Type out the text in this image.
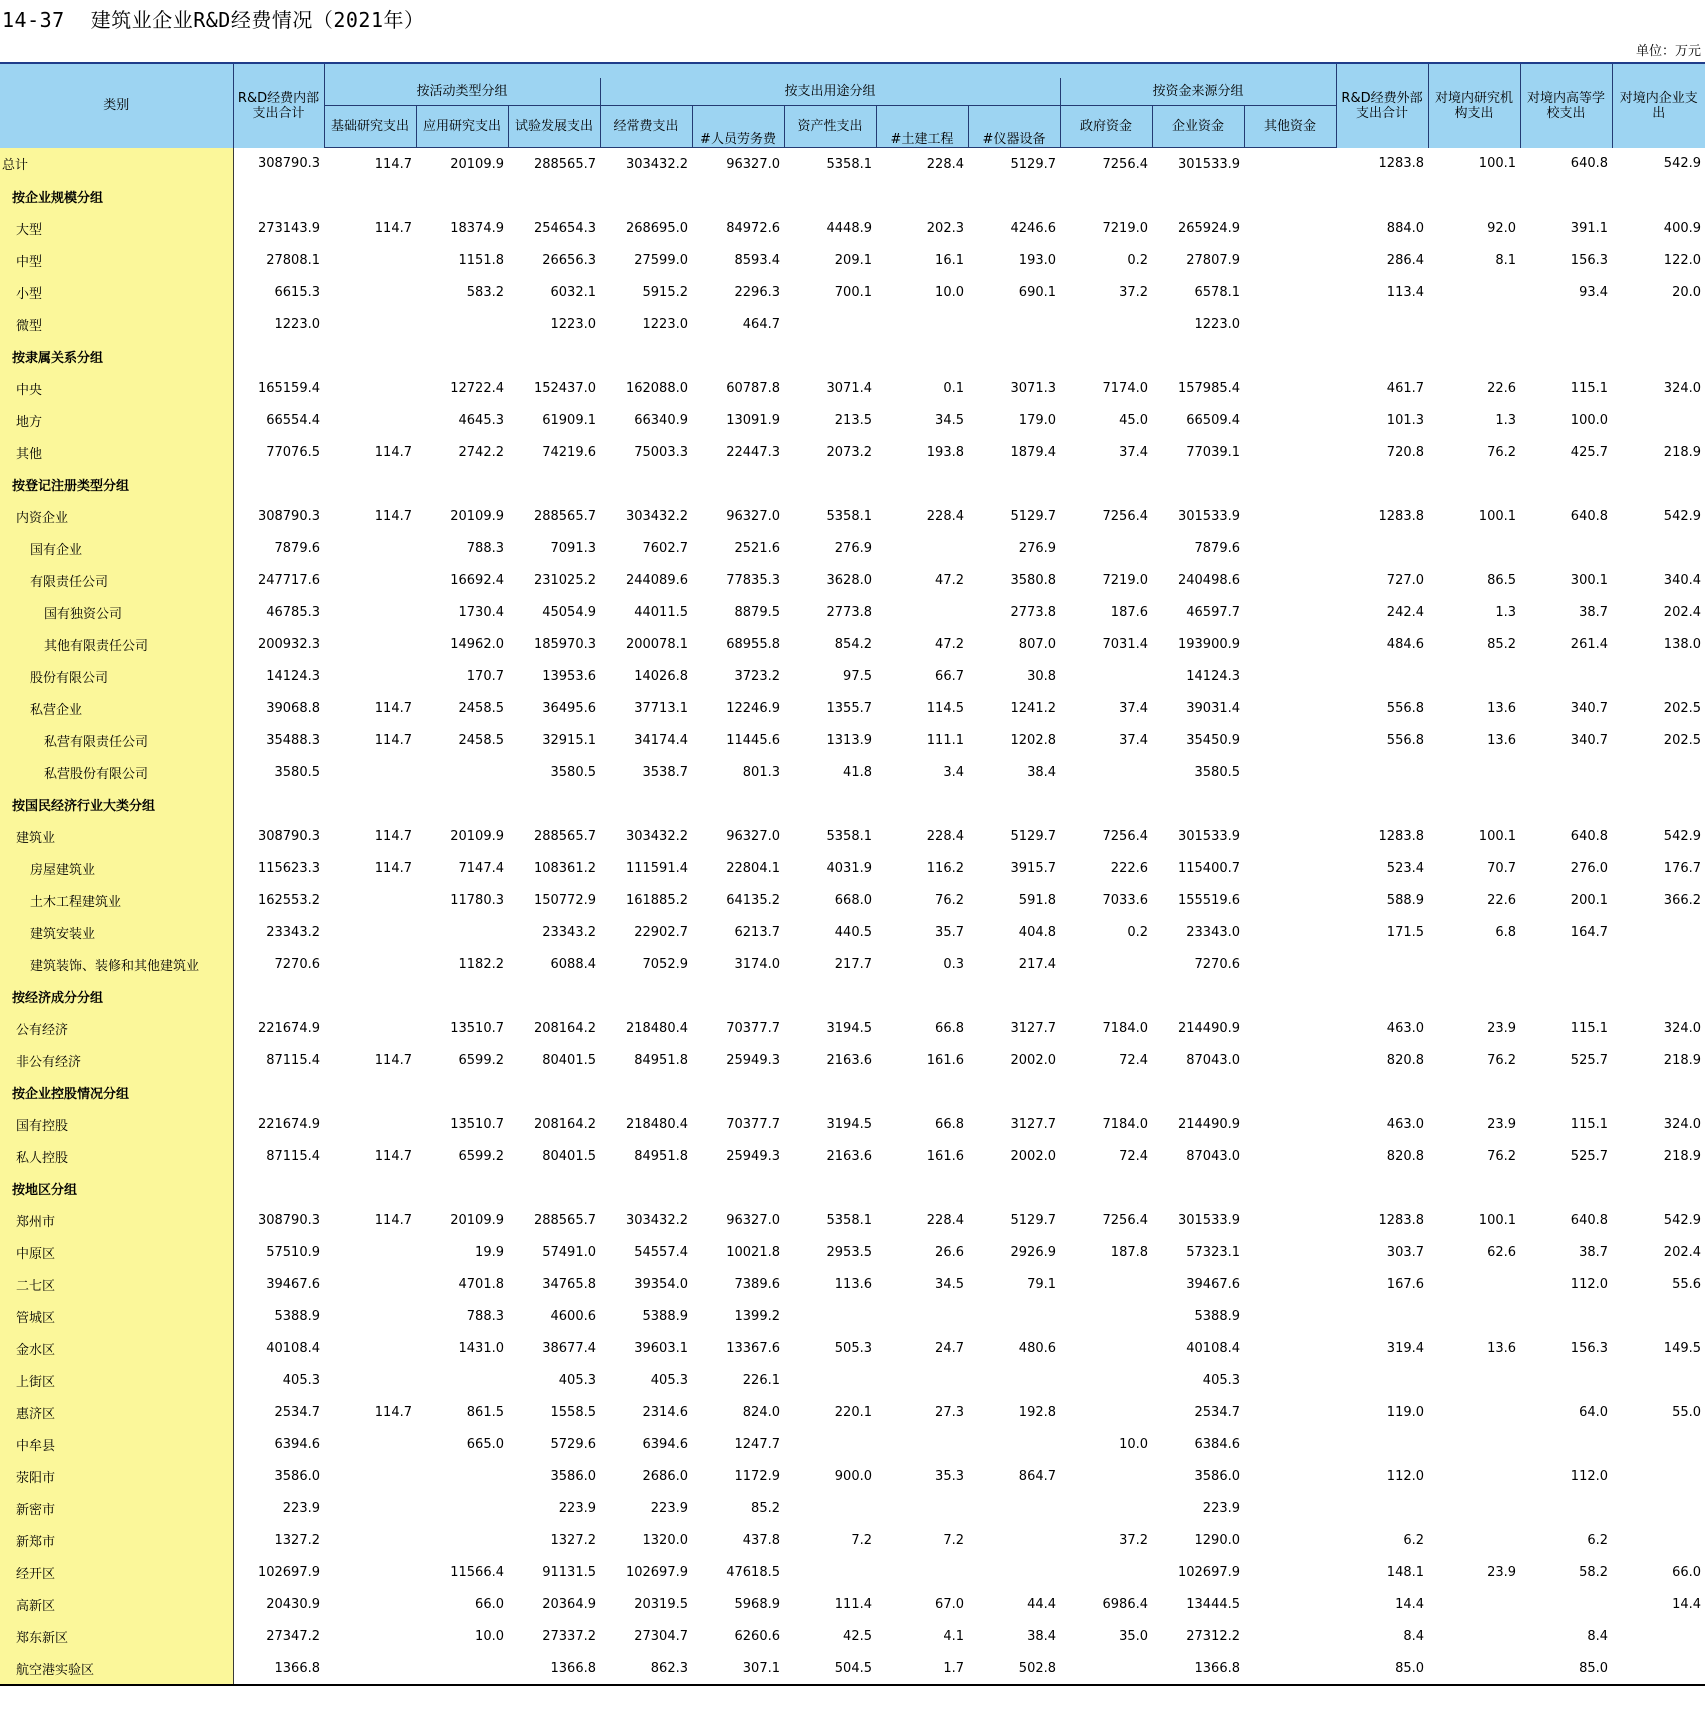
14-37 建筑业企业R&D经费情况（2021年）
单位：万元
类别	R&D经费内部支出合计												R&D经费外部支出合计	对境内研究机构支出	对境内高等学校支出	对境内企业支出
		按活动类型分组			按支出用途分组					按资金来源分组						
		基础研究支出	应用研究支出	试验发展支出	经常费支出	#人员劳务费	资产性支出	#土建工程	#仪器设备	政府资金	企业资金	其他资金				
总计	308790.3	114.7	20109.9	288565.7	303432.2	96327.0	5358.1	228.4	5129.7	7256.4	301533.9		1283.8	100.1	640.8	542.9
按企业规模分组																
大型	273143.9	114.7	18374.9	254654.3	268695.0	84972.6	4448.9	202.3	4246.6	7219.0	265924.9		884.0	92.0	391.1	400.9
中型	27808.1		1151.8	26656.3	27599.0	8593.4	209.1	16.1	193.0	0.2	27807.9		286.4	8.1	156.3	122.0
小型	6615.3		583.2	6032.1	5915.2	2296.3	700.1	10.0	690.1	37.2	6578.1		113.4		93.4	20.0
微型	1223.0			1223.0	1223.0	464.7					1223.0					
按隶属关系分组																
中央	165159.4		12722.4	152437.0	162088.0	60787.8	3071.4	0.1	3071.3	7174.0	157985.4		461.7	22.6	115.1	324.0
地方	66554.4		4645.3	61909.1	66340.9	13091.9	213.5	34.5	179.0	45.0	66509.4		101.3	1.3	100.0	
其他	77076.5	114.7	2742.2	74219.6	75003.3	22447.3	2073.2	193.8	1879.4	37.4	77039.1		720.8	76.2	425.7	218.9
按登记注册类型分组																
内资企业	308790.3	114.7	20109.9	288565.7	303432.2	96327.0	5358.1	228.4	5129.7	7256.4	301533.9		1283.8	100.1	640.8	542.9
国有企业	7879.6		788.3	7091.3	7602.7	2521.6	276.9		276.9		7879.6					
有限责任公司	247717.6		16692.4	231025.2	244089.6	77835.3	3628.0	47.2	3580.8	7219.0	240498.6		727.0	86.5	300.1	340.4
国有独资公司	46785.3		1730.4	45054.9	44011.5	8879.5	2773.8		2773.8	187.6	46597.7		242.4	1.3	38.7	202.4
其他有限责任公司	200932.3		14962.0	185970.3	200078.1	68955.8	854.2	47.2	807.0	7031.4	193900.9		484.6	85.2	261.4	138.0
股份有限公司	14124.3		170.7	13953.6	14026.8	3723.2	97.5	66.7	30.8		14124.3					
私营企业	39068.8	114.7	2458.5	36495.6	37713.1	12246.9	1355.7	114.5	1241.2	37.4	39031.4		556.8	13.6	340.7	202.5
私营有限责任公司	35488.3	114.7	2458.5	32915.1	34174.4	11445.6	1313.9	111.1	1202.8	37.4	35450.9		556.8	13.6	340.7	202.5
私营股份有限公司	3580.5			3580.5	3538.7	801.3	41.8	3.4	38.4		3580.5					
按国民经济行业大类分组																
建筑业	308790.3	114.7	20109.9	288565.7	303432.2	96327.0	5358.1	228.4	5129.7	7256.4	301533.9		1283.8	100.1	640.8	542.9
房屋建筑业	115623.3	114.7	7147.4	108361.2	111591.4	22804.1	4031.9	116.2	3915.7	222.6	115400.7		523.4	70.7	276.0	176.7
土木工程建筑业	162553.2		11780.3	150772.9	161885.2	64135.2	668.0	76.2	591.8	7033.6	155519.6		588.9	22.6	200.1	366.2
建筑安装业	23343.2			23343.2	22902.7	6213.7	440.5	35.7	404.8	0.2	23343.0		171.5	6.8	164.7	
建筑装饰、装修和其他建筑业	7270.6		1182.2	6088.4	7052.9	3174.0	217.7	0.3	217.4		7270.6					
按经济成分分组																
公有经济	221674.9		13510.7	208164.2	218480.4	70377.7	3194.5	66.8	3127.7	7184.0	214490.9		463.0	23.9	115.1	324.0
非公有经济	87115.4	114.7	6599.2	80401.5	84951.8	25949.3	2163.6	161.6	2002.0	72.4	87043.0		820.8	76.2	525.7	218.9
按企业控股情况分组																
国有控股	221674.9		13510.7	208164.2	218480.4	70377.7	3194.5	66.8	3127.7	7184.0	214490.9		463.0	23.9	115.1	324.0
私人控股	87115.4	114.7	6599.2	80401.5	84951.8	25949.3	2163.6	161.6	2002.0	72.4	87043.0		820.8	76.2	525.7	218.9
按地区分组																
郑州市	308790.3	114.7	20109.9	288565.7	303432.2	96327.0	5358.1	228.4	5129.7	7256.4	301533.9		1283.8	100.1	640.8	542.9
中原区	57510.9		19.9	57491.0	54557.4	10021.8	2953.5	26.6	2926.9	187.8	57323.1		303.7	62.6	38.7	202.4
二七区	39467.6		4701.8	34765.8	39354.0	7389.6	113.6	34.5	79.1		39467.6		167.6		112.0	55.6
管城区	5388.9		788.3	4600.6	5388.9	1399.2					5388.9					
金水区	40108.4		1431.0	38677.4	39603.1	13367.6	505.3	24.7	480.6		40108.4		319.4	13.6	156.3	149.5
上街区	405.3			405.3	405.3	226.1					405.3					
惠济区	2534.7	114.7	861.5	1558.5	2314.6	824.0	220.1	27.3	192.8		2534.7		119.0		64.0	55.0
中牟县	6394.6		665.0	5729.6	6394.6	1247.7				10.0	6384.6					
荥阳市	3586.0			3586.0	2686.0	1172.9	900.0	35.3	864.7		3586.0		112.0		112.0	
新密市	223.9			223.9	223.9	85.2					223.9					
新郑市	1327.2			1327.2	1320.0	437.8	7.2	7.2		37.2	1290.0		6.2		6.2	
经开区	102697.9		11566.4	91131.5	102697.9	47618.5					102697.9		148.1	23.9	58.2	66.0
高新区	20430.9		66.0	20364.9	20319.5	5968.9	111.4	67.0	44.4	6986.4	13444.5		14.4			14.4
郑东新区	27347.2		10.0	27337.2	27304.7	6260.6	42.5	4.1	38.4	35.0	27312.2		8.4		8.4	
航空港实验区	1366.8			1366.8	862.3	307.1	504.5	1.7	502.8		1366.8		85.0		85.0	
